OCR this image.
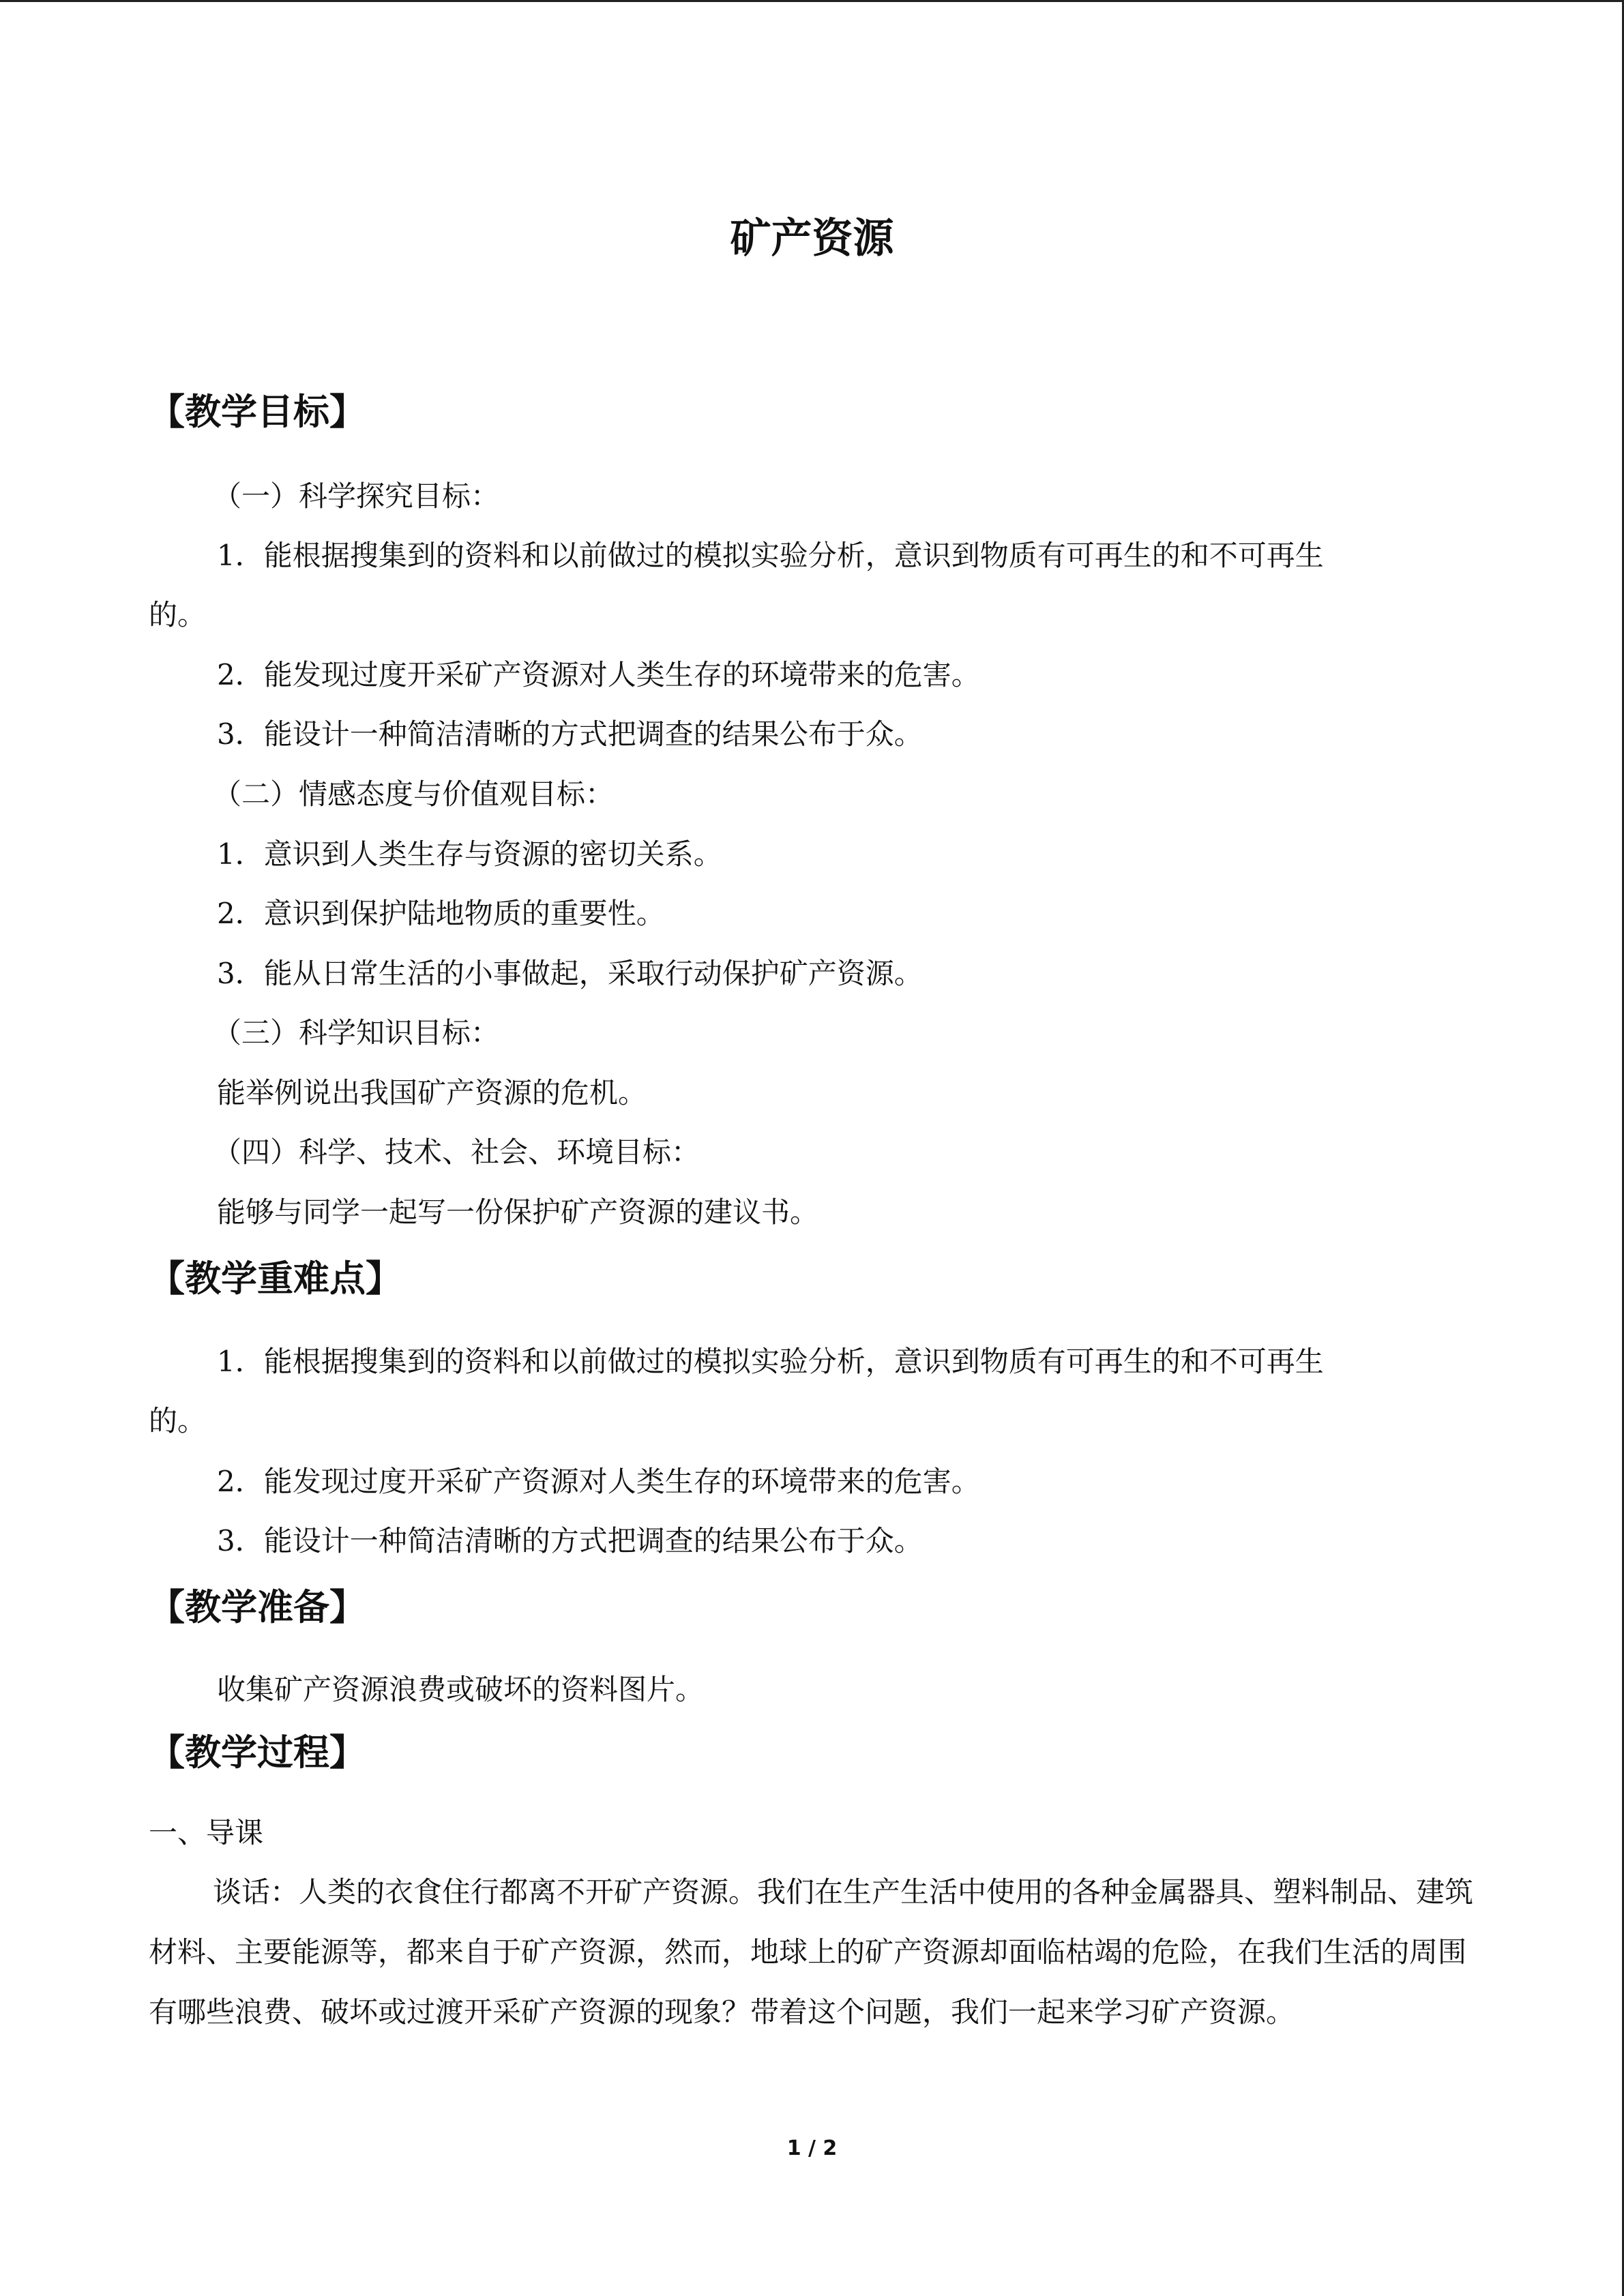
矿产资源
【教学目标】
（一）科学探究目标：
1．能根据搜集到的资料和以前做过的模拟实验分析，意识到物质有可再生的和不可再生
的。
2．能发现过度开采矿产资源对人类生存的环境带来的危害。
3．能设计一种简洁清晰的方式把调查的结果公布于众。
（二）情感态度与价值观目标：
1．意识到人类生存与资源的密切关系。
2．意识到保护陆地物质的重要性。
3．能从日常生活的小事做起，采取行动保护矿产资源。
（三）科学知识目标：
能举例说出我国矿产资源的危机。
（四）科学、技术、社会、环境目标：
能够与同学一起写一份保护矿产资源的建议书。
【教学重难点】
1．能根据搜集到的资料和以前做过的模拟实验分析，意识到物质有可再生的和不可再生
的。
2．能发现过度开采矿产资源对人类生存的环境带来的危害。
3．能设计一种简洁清晰的方式把调查的结果公布于众。
【教学准备】
收集矿产资源浪费或破坏的资料图片。
【教学过程】
一、导课
谈话：人类的衣食住行都离不开矿产资源。我们在生产生活中使用的各种金属器具、塑料制品、建筑材料、主要能源等，都来自于矿产资源，然而，地球上的矿产资源却面临枯竭的危险，在我们生活的周围有哪些浪费、破坏或过渡开采矿产资源的现象？带着这个问题，我们一起来学习矿产资源。
1 / 2
